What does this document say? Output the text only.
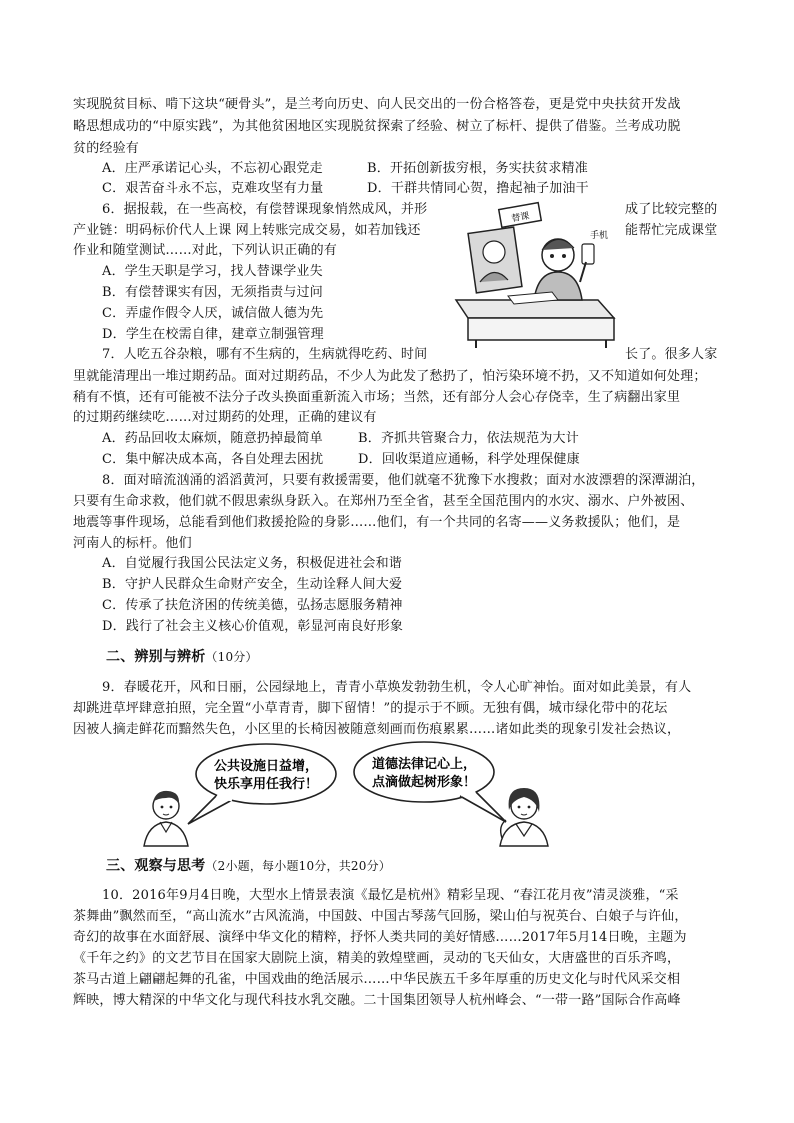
实现脱贫目标、啃下这块“硬骨头”，是兰考向历史、向人民交出的一份合格答卷，更是党中央扶贫开发战
略思想成功的“中原实践”，为其他贫困地区实现脱贫探索了经验、树立了标杆、提供了借鉴。兰考成功脱
贫的经验有
A．庄严承诺记心头，不忘初心跟党走	B．开拓创新拔穷根，务实扶贫求精准
C．艰苦奋斗永不忘，克难攻坚有力量	D．干群共情同心贺，撸起袖子加油干
6．据报载，在一些高校，有偿替课现象悄然成风，并形	成了比较完整的
产业链：明码标价代人上课 网上转账完成交易，如若加钱还	能帮忙完成课堂
作业和随堂测试……对此，下列认识正确的有
A．学生天职是学习，找人替课学业失
B．有偿替课实有因，无须指责与过问
C．弄虚作假令人厌，诚信做人德为先
D．学生在校需自律，建章立制强管理
替课
手机
7．人吃五谷杂粮，哪有不生病的，生病就得吃药、时间	长了。很多人家
里就能清理出一堆过期药品。面对过期药品，不少人为此发了愁扔了，怕污染环境不扔，又不知道如何处理；
稍有不慎，还有可能被不法分子改头换面重新流入市场；当然，还有部分人会心存侥幸，生了病翻出家里
的过期药继续吃……对过期药的处理，正确的建议有
A．药品回收太麻烦，随意扔掉最简单	B．齐抓共管聚合力，依法规范为大计
C．集中解决成本高，各自处理去困扰	D．回收渠道应通畅，科学处理保健康
8．面对暗流汹涌的滔滔黄河，只要有救援需要，他们就毫不犹豫下水搜救；面对水波漂碧的深潭湖泊，
只要有生命求救，他们就不假思索纵身跃入。在郑州乃至全省，甚至全国范围内的水灾、溺水、户外被困、
地震等事件现场，总能看到他们救援抢险的身影……他们，有一个共同的名寄——义务救援队；他们，是
河南人的标杆。他们
A．自觉履行我国公民法定义务，积极促进社会和谐
B．守护人民群众生命财产安全，生动诠释人间大爱
C．传承了扶危济困的传统美德，弘扬志愿服务精神
D．践行了社会主义核心价值观，彰显河南良好形象
二、辨别与辨析（10分）
9．春暖花开，风和日丽，公园绿地上，青青小草焕发勃勃生机，令人心旷神怡。面对如此美景，有人
却跳进草坪肆意拍照，完全置“小草青青，脚下留情！”的提示于不顾。无独有偶，城市绿化带中的花坛
因被人摘走鲜花而黯然失色，小区里的长椅因被随意刻画而伤痕累累……诸如此类的现象引发社会热议，
公共设施日益增，
快乐享用任我行！
道德法律记心上，
点滴做起树形象！
三、观察与思考（2小题，每小题10分，共20分）
10．2016年9月4日晚，大型水上情景表演《最忆是杭州》精彩呈现、“春江花月夜”清灵淡雅，“采
茶舞曲”飘然而至，“高山流水”古风流淌，中国鼓、中国古琴荡气回肠，梁山伯与祝英台、白娘子与许仙，
奇幻的故事在水面舒展、演绎中华文化的精粹，抒怀人类共同的美好情感……2017年5月14日晚，主题为
《千年之约》的文艺节目在国家大剧院上演，精美的敦煌壁画，灵动的飞天仙女，大唐盛世的百乐齐鸣，
茶马古道上翩翩起舞的孔雀，中国戏曲的绝活展示……中华民族五千多年厚重的历史文化与时代风采交相
辉映，博大精深的中华文化与现代科技水乳交融。二十国集团领导人杭州峰会、“一带一路”国际合作高峰
